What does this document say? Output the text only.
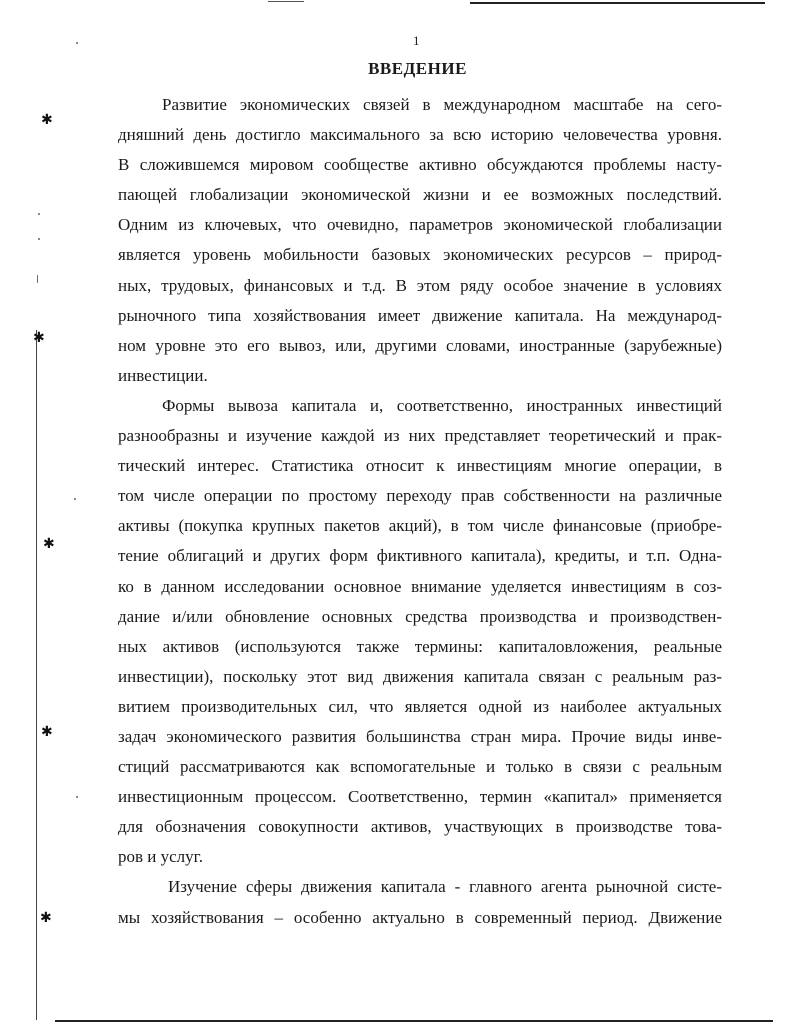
✱
✱
✱
✱
✱
1
ВВЕДЕНИЕ
Развитие экономических связей в международном масштабе на сего-
дняшний день достигло максимального за всю историю человечества уровня.
В сложившемся мировом сообществе активно обсуждаются проблемы насту-
пающей глобализации экономической жизни и ее возможных последствий.
Одним из ключевых, что очевидно, параметров экономической глобализации
является уровень мобильности базовых экономических ресурсов – природ-
ных, трудовых, финансовых и т.д. В этом ряду особое значение в условиях
рыночного типа хозяйствования имеет движение капитала. На международ-
ном уровне это его вывоз, или, другими словами, иностранные (зарубежные)
инвестиции.
Формы вывоза капитала и, соответственно, иностранных инвестиций
разнообразны и изучение каждой из них представляет теоретический и прак-
тический интерес. Статистика относит к инвестициям многие операции, в
том числе операции по простому переходу прав собственности на различные
активы (покупка крупных пакетов акций), в том числе финансовые (приобре-
тение облигаций и других форм фиктивного капитала), кредиты, и т.п. Одна-
ко в данном исследовании основное внимание уделяется инвестициям в соз-
дание и/или обновление основных средства производства и производствен-
ных активов (используются также термины: капиталовложения, реальные
инвестиции), поскольку этот вид движения капитала связан с реальным раз-
витием производительных сил, что является одной из наиболее актуальных
задач экономического развития большинства стран мира. Прочие виды инве-
стиций рассматриваются как вспомогательные и только в связи с реальным
инвестиционным процессом. Соответственно, термин «капитал» применяется
для обозначения совокупности активов, участвующих в производстве това-
ров и услуг.
Изучение сферы движения капитала - главного агента рыночной систе-
мы хозяйствования – особенно актуально в современный период. Движение
